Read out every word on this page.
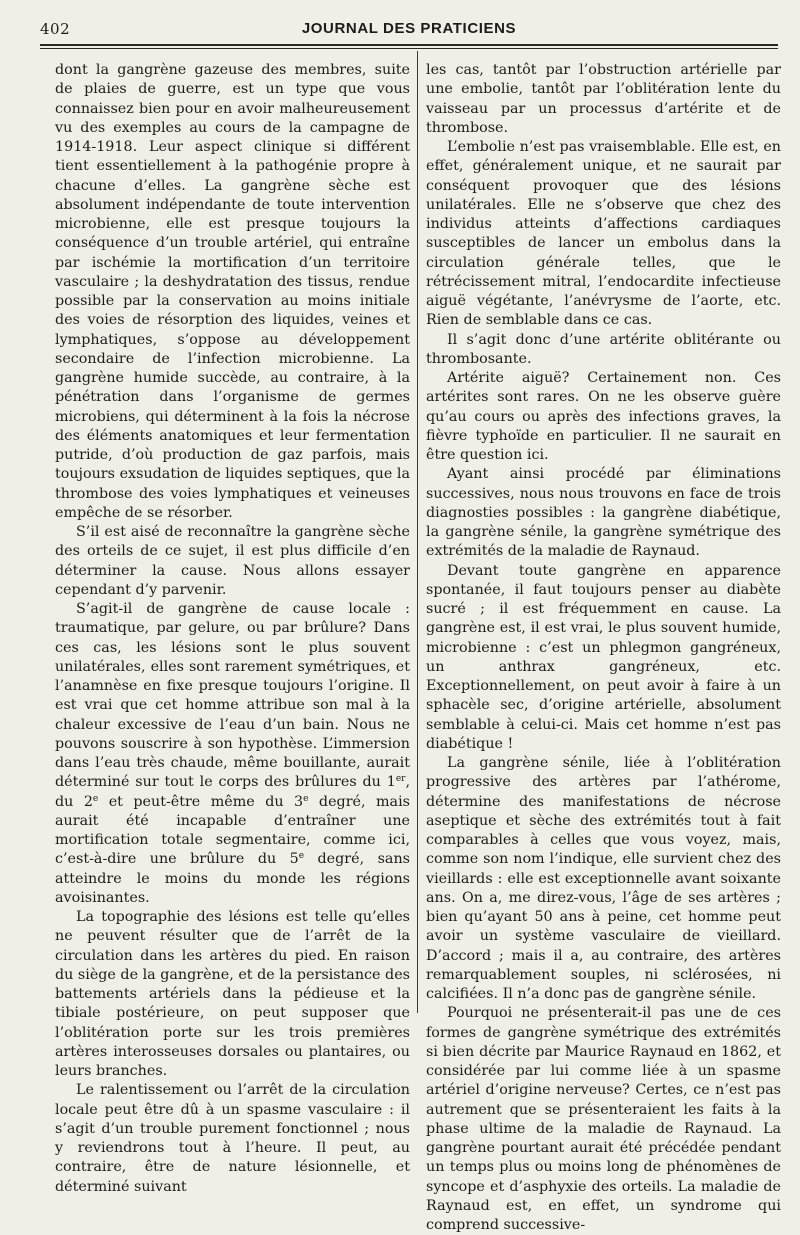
402	JOURNAL DES PRATICIENS

dont la gangrène gazeuse des membres, suite de plaies de guerre, est un type que vous connaissez bien pour en avoir malheureusement vu des exemples au cours de la campagne de 1914-1918. Leur aspect clinique si différent tient essentiellement à la pathogénie propre à chacune d’elles. La gangrène sèche est absolument indépendante de toute intervention microbienne, elle est presque toujours la conséquence d’un trouble artériel, qui entraîne par ischémie la mortification d’un territoire vasculaire ; la deshydratation des tissus, rendue possible par la conservation au moins initiale des voies de résorption des liquides, veines et lymphatiques, s’oppose au développement secondaire de l’infection microbienne. La gangrène humide succède, au contraire, à la pénétration dans l’organisme de germes microbiens, qui déterminent à la fois la nécrose des éléments anatomiques et leur fermentation putride, d’où production de gaz parfois, mais toujours exsudation de liquides septiques, que la thrombose des voies lymphatiques et veineuses empêche de se résorber.

S’il est aisé de reconnaître la gangrène sèche des orteils de ce sujet, il est plus difficile d’en déterminer la cause. Nous allons essayer cependant d’y parvenir.

S’agit-il de gangrène de cause locale : traumatique, par gelure, ou par brûlure? Dans ces cas, les lésions sont le plus souvent unilatérales, elles sont rarement symétriques, et l’anamnèse en fixe presque toujours l’origine. Il est vrai que cet homme attribue son mal à la chaleur excessive de l’eau d’un bain. Nous ne pouvons souscrire à son hypothèse. L’immersion dans l’eau très chaude, même bouillante, aurait déterminé sur tout le corps des brûlures du 1er, du 2e et peut-être même du 3e degré, mais aurait été incapable d’entraîner une mortification totale segmentaire, comme ici, c’est-à-dire une brûlure du 5e degré, sans atteindre le moins du monde les régions avoisinantes.

La topographie des lésions est telle qu’elles ne peuvent résulter que de l’arrêt de la circulation dans les artères du pied. En raison du siège de la gangrène, et de la persistance des battements artériels dans la pédieuse et la tibiale postérieure, on peut supposer que l’oblitération porte sur les trois premières artères interosseuses dorsales ou plantaires, ou leurs branches.

Le ralentissement ou l’arrêt de la circulation locale peut être dû à un spasme vasculaire : il s’agit d’un trouble purement fonctionnel ; nous y reviendrons tout à l’heure. Il peut, au contraire, être de nature lésionnelle, et déterminé suivant

les cas, tantôt par l’obstruction artérielle par une embolie, tantôt par l’oblitération lente du vaisseau par un processus d’artérite et de thrombose.

L’embolie n’est pas vraisemblable. Elle est, en effet, généralement unique, et ne saurait par conséquent provoquer que des lésions unilatérales. Elle ne s’observe que chez des individus atteints d’affections cardiaques susceptibles de lancer un embolus dans la circulation générale telles, que le rétrécissement mitral, l’endocardite infectieuse aiguë végétante, l’anévrysme de l’aorte, etc. Rien de semblable dans ce cas.

Il s’agit donc d’une artérite oblitérante ou thrombosante.

Artérite aiguë? Certainement non. Ces artérites sont rares. On ne les observe guère qu’au cours ou après des infections graves, la fièvre typhoïde en particulier. Il ne saurait en être question ici.

Ayant ainsi procédé par éliminations successives, nous nous trouvons en face de trois diagnosties possibles : la gangrène diabétique, la gangrène sénile, la gangrène symétrique des extrémités de la maladie de Raynaud.

Devant toute gangrène en apparence spontanée, il faut toujours penser au diabète sucré ; il est fréquemment en cause. La gangrène est, il est vrai, le plus souvent humide, microbienne : c’est un phlegmon gangréneux, un anthrax gangréneux, etc. Exceptionnellement, on peut avoir à faire à un sphacèle sec, d’origine artérielle, absolument semblable à celui-ci. Mais cet homme n’est pas diabétique !

La gangrène sénile, liée à l’oblitération progressive des artères par l’athérome, détermine des manifestations de nécrose aseptique et sèche des extrémités tout à fait comparables à celles que vous voyez, mais, comme son nom l’indique, elle survient chez des vieillards : elle est exceptionnelle avant soixante ans. On a, me direz-vous, l’âge de ses artères ; bien qu’ayant 50 ans à peine, cet homme peut avoir un système vasculaire de vieillard. D’accord ; mais il a, au contraire, des artères remarquablement souples, ni sclérosées, ni calcifiées. Il n’a donc pas de gangrène sénile.

Pourquoi ne présenterait-il pas une de ces formes de gangrène symétrique des extrémités si bien décrite par Maurice Raynaud en 1862, et considérée par lui comme liée à un spasme artériel d’origine nerveuse? Certes, ce n’est pas autrement que se présenteraient les faits à la phase ultime de la maladie de Raynaud. La gangrène pourtant aurait été précédée pendant un temps plus ou moins long de phénomènes de syncope et d’asphyxie des orteils. La maladie de Raynaud est, en effet, un syndrome qui comprend successive-
